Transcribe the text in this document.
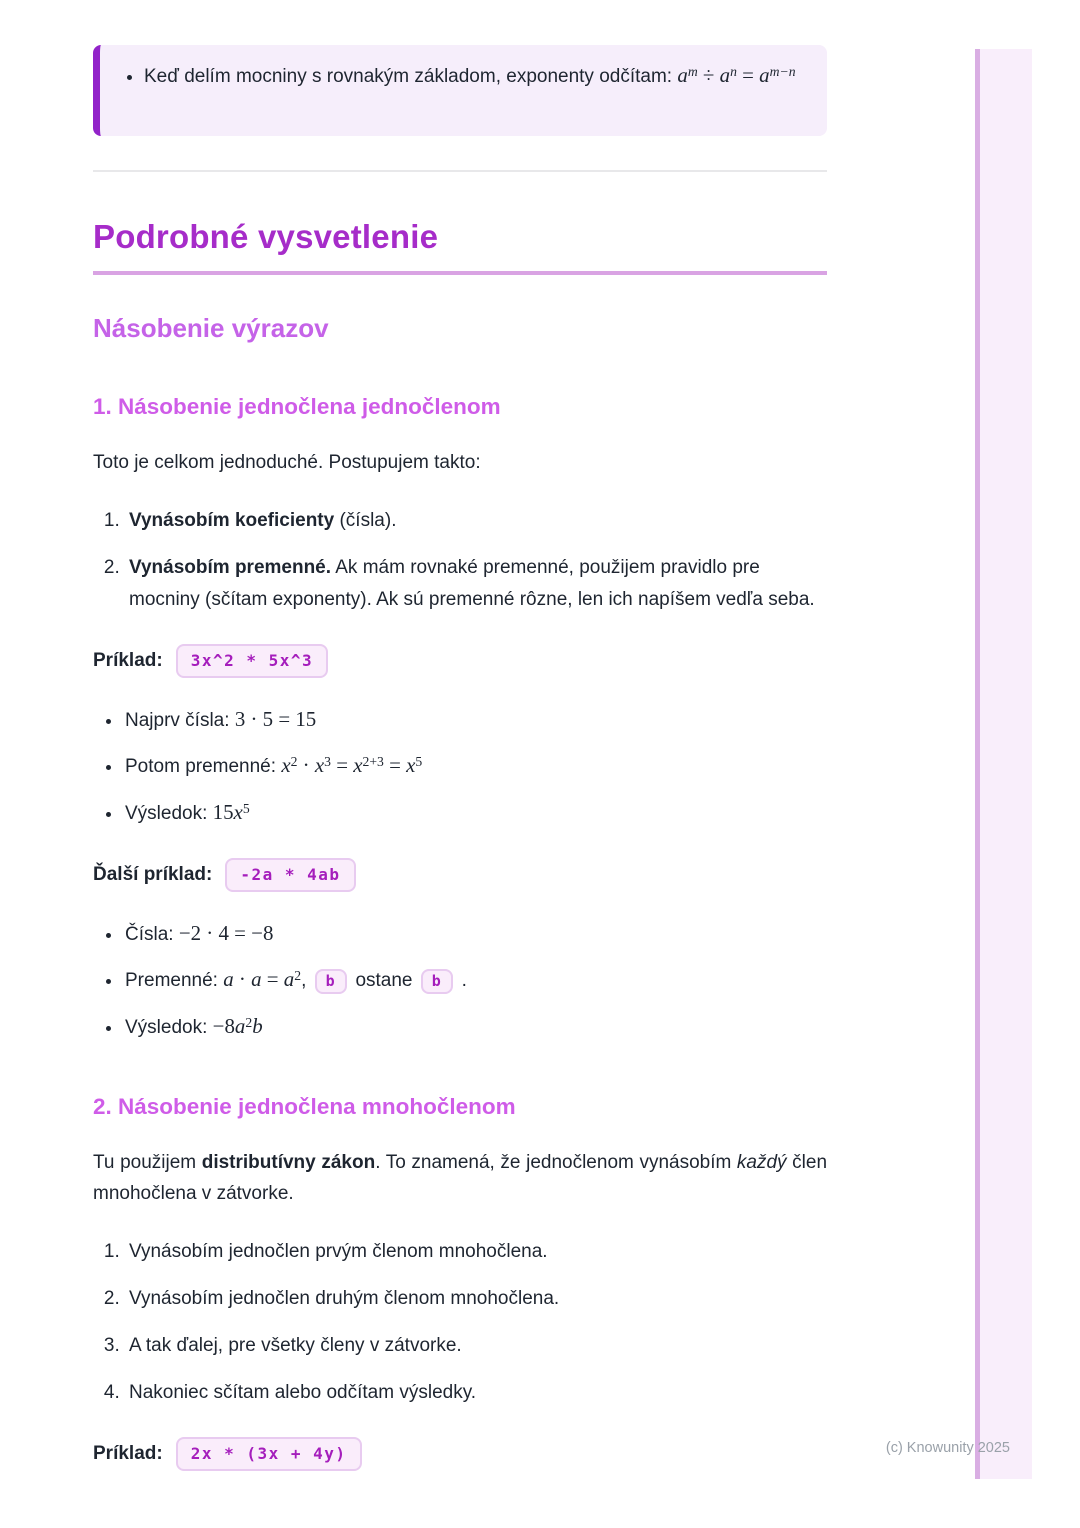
• Keď delím mocniny s rovnakým základom, exponenty odčítam: $a^m \div a^n = a^{m-n}$
Podrobné vysvetlenie
Násobenie výrazov
1. Násobenie jednočlena jednočlenom

Toto je celkom jednoduché. Postupujem takto:

1. Vynásobím koeficienty (čísla).
2. Vynásobím premenné. Ak mám rovnaké premenné, použijem pravidlo pre mocniny (sčítam exponenty). Ak sú premenné rôzne, len ich napíšem vedľa seba.
Príklad:	3x^2 * 5x^3
• Najprv čísla: 3 · 5 = 15
• Potom premenné: $x^2 \cdot x^3 = x^{2+3} = x^5$
• Výsledok: $15x^5$
Ďalší príklad:	-2a * 4ab
• Čísla: −2 · 4 = −8
• Premenné: $a \cdot a = a^2$, b ostane b .
• Výsledok: $-8a^2b$
2. Násobenie jednočlena mnohočlenom

Tu použijem distributívny zákon. To znamená, že jednočlenom vynásobím každý člen mnohočlena v zátvorke.

1. Vynásobím jednočlen prvým členom mnohočlena.
2. Vynásobím jednočlen druhým členom mnohočlena.
3. A tak ďalej, pre všetky členy v zátvorke.
4. Nakoniec sčítam alebo odčítam výsledky.
Príklad:	2x * (3x + 4y)	(c) Knowunity 2025
